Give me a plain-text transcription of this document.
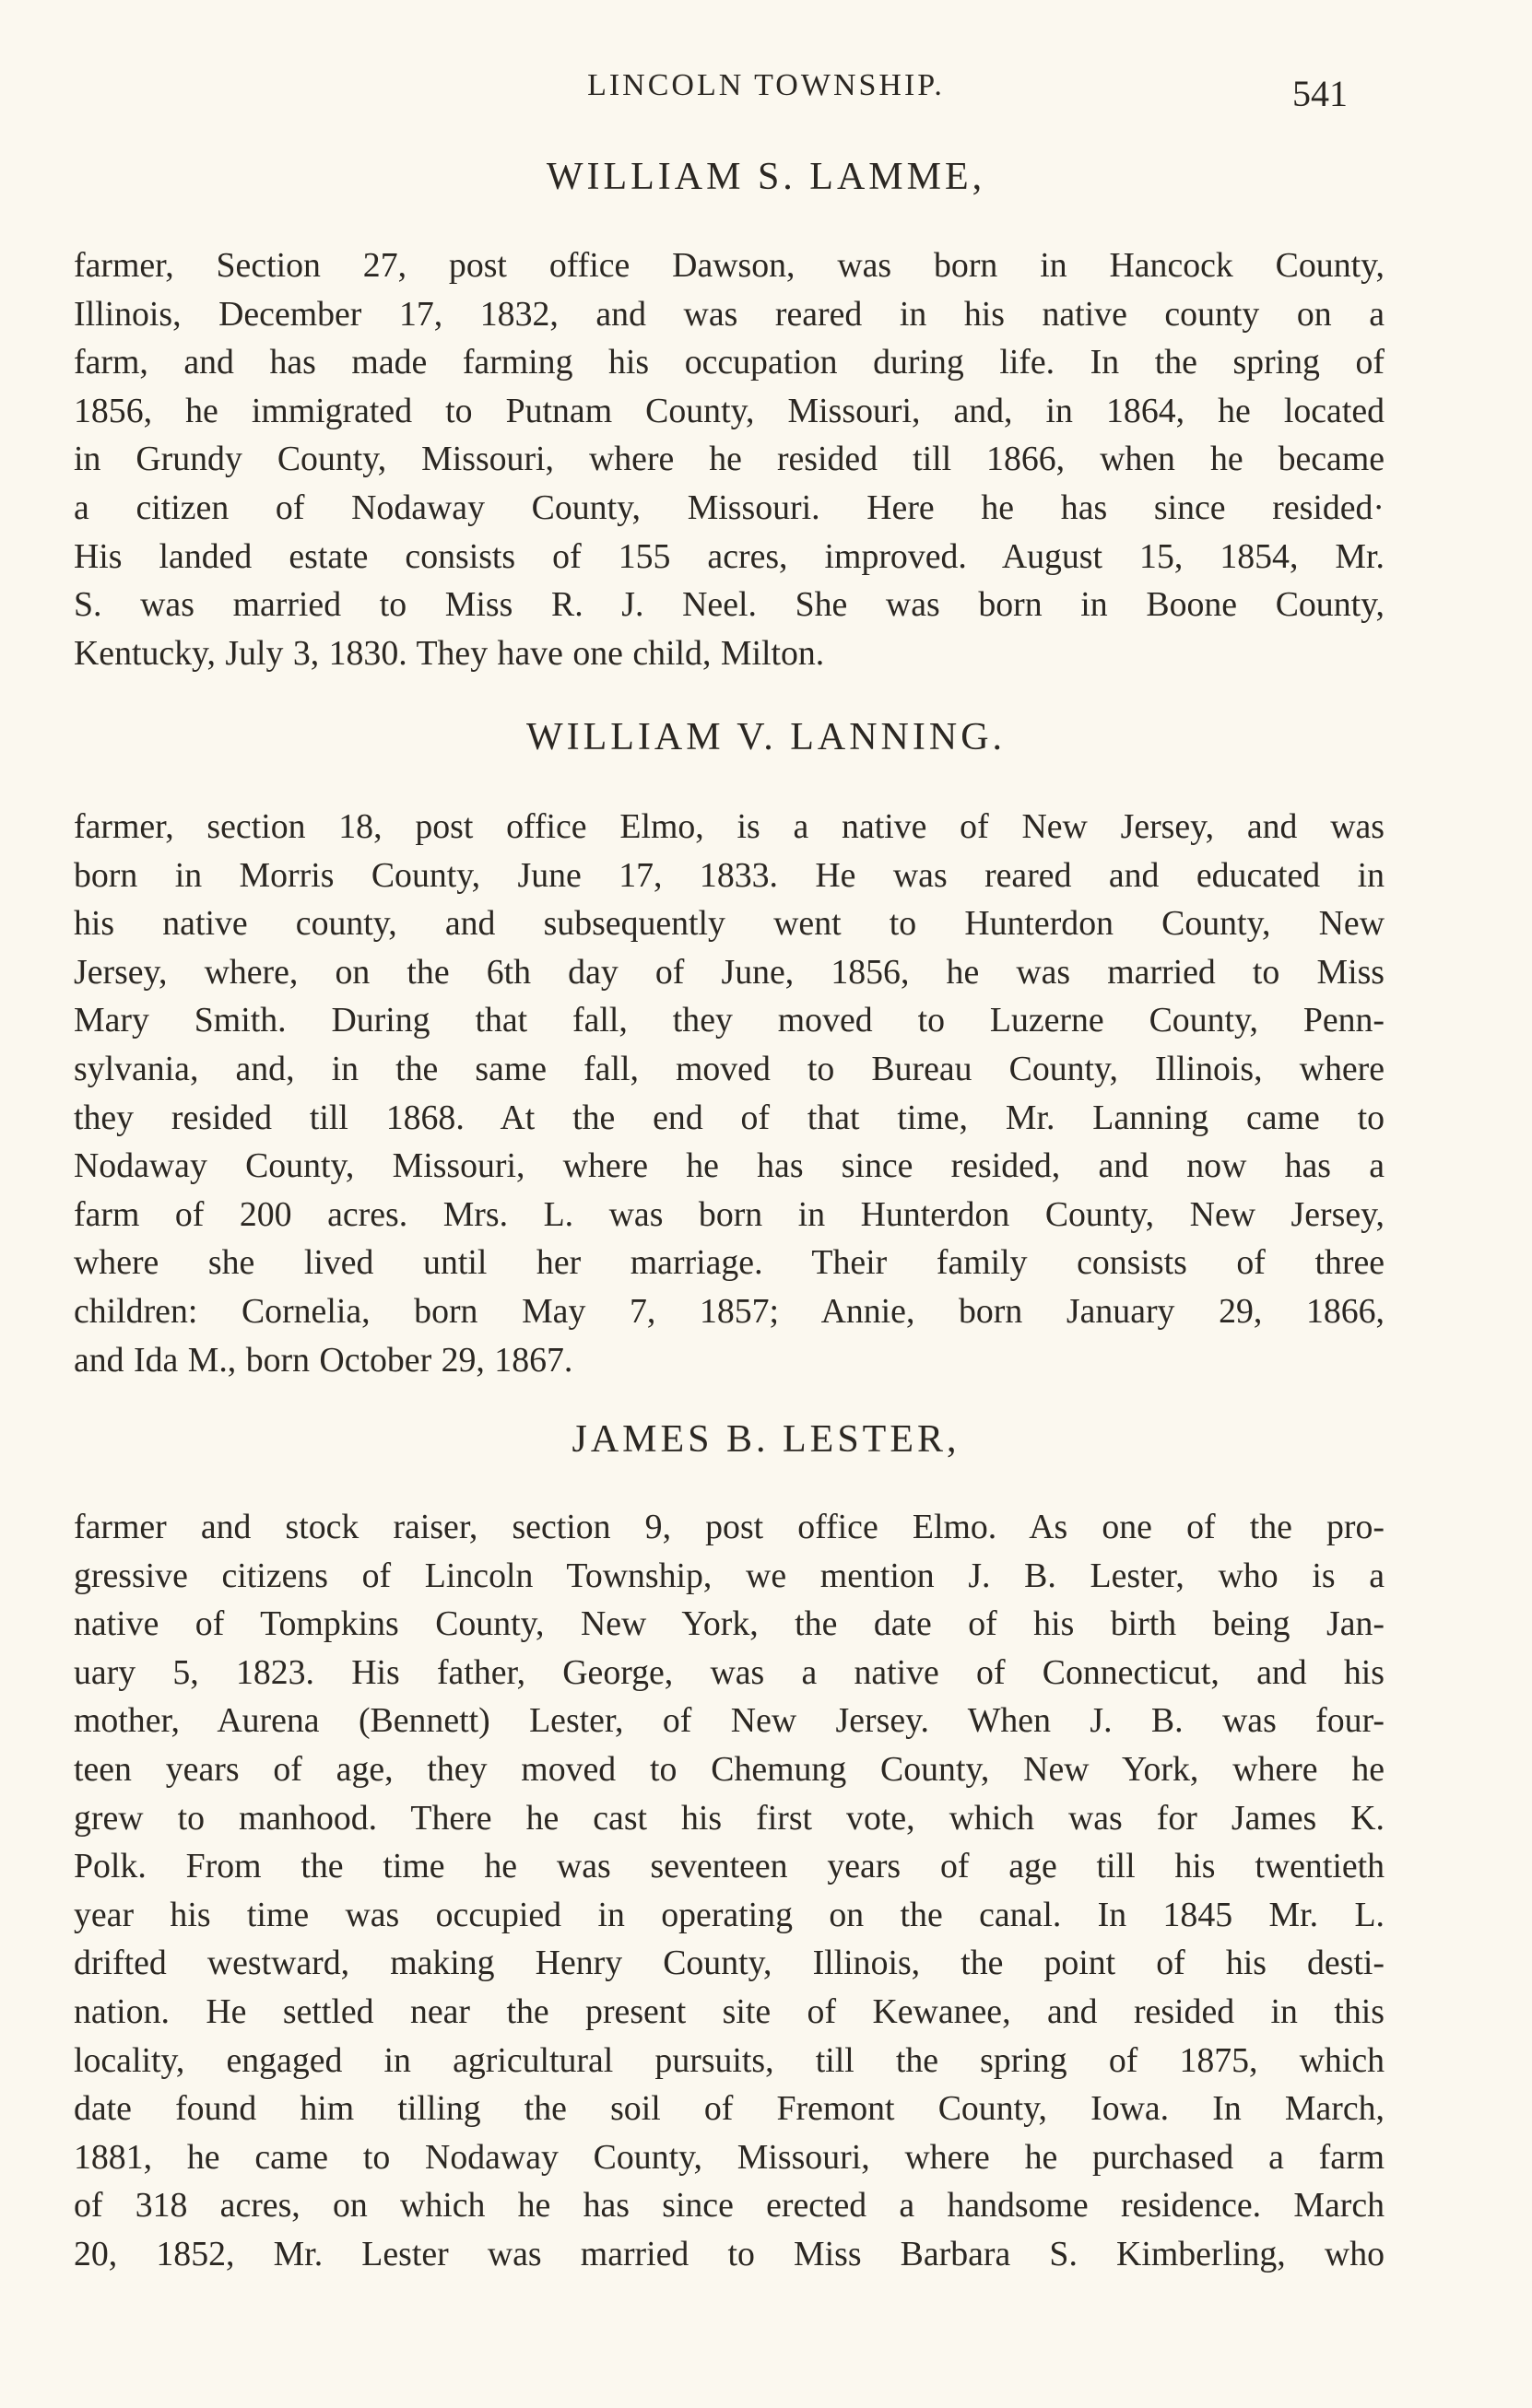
LINCOLN TOWNSHIP.	541
WILLIAM S. LAMME,
farmer, Section 27, post office Dawson, was born in Hancock County,
Illinois, December 17, 1832, and was reared in his native county on a
farm, and has made farming his occupation during life. In the spring of
1856, he immigrated to Putnam County, Missouri, and, in 1864, he located
in Grundy County, Missouri, where he resided till 1866, when he became
a citizen of Nodaway County, Missouri. Here he has since resided·
His landed estate consists of 155 acres, improved. August 15, 1854, Mr.
S. was married to Miss R. J. Neel. She was born in Boone County,
Kentucky, July 3, 1830. They have one child, Milton.
WILLIAM V. LANNING.
farmer, section 18, post office Elmo, is a native of New Jersey, and was
born in Morris County, June 17, 1833. He was reared and educated in
his native county, and subsequently went to Hunterdon County, New
Jersey, where, on the 6th day of June, 1856, he was married to Miss
Mary Smith. During that fall, they moved to Luzerne County, Penn-
sylvania, and, in the same fall, moved to Bureau County, Illinois, where
they resided till 1868. At the end of that time, Mr. Lanning came to
Nodaway County, Missouri, where he has since resided, and now has a
farm of 200 acres. Mrs. L. was born in Hunterdon County, New Jersey,
where she lived until her marriage. Their family consists of three
children: Cornelia, born May 7, 1857; Annie, born January 29, 1866,
and Ida M., born October 29, 1867.
JAMES B. LESTER,
farmer and stock raiser, section 9, post office Elmo. As one of the pro-
gressive citizens of Lincoln Township, we mention J. B. Lester, who is a
native of Tompkins County, New York, the date of his birth being Jan-
uary 5, 1823. His father, George, was a native of Connecticut, and his
mother, Aurena (Bennett) Lester, of New Jersey. When J. B. was four-
teen years of age, they moved to Chemung County, New York, where he
grew to manhood. There he cast his first vote, which was for James K.
Polk. From the time he was seventeen years of age till his twentieth
year his time was occupied in operating on the canal. In 1845 Mr. L.
drifted westward, making Henry County, Illinois, the point of his desti-
nation. He settled near the present site of Kewanee, and resided in this
locality, engaged in agricultural pursuits, till the spring of 1875, which
date found him tilling the soil of Fremont County, Iowa. In March,
1881, he came to Nodaway County, Missouri, where he purchased a farm
of 318 acres, on which he has since erected a handsome residence. March
20, 1852, Mr. Lester was married to Miss Barbara S. Kimberling, who
